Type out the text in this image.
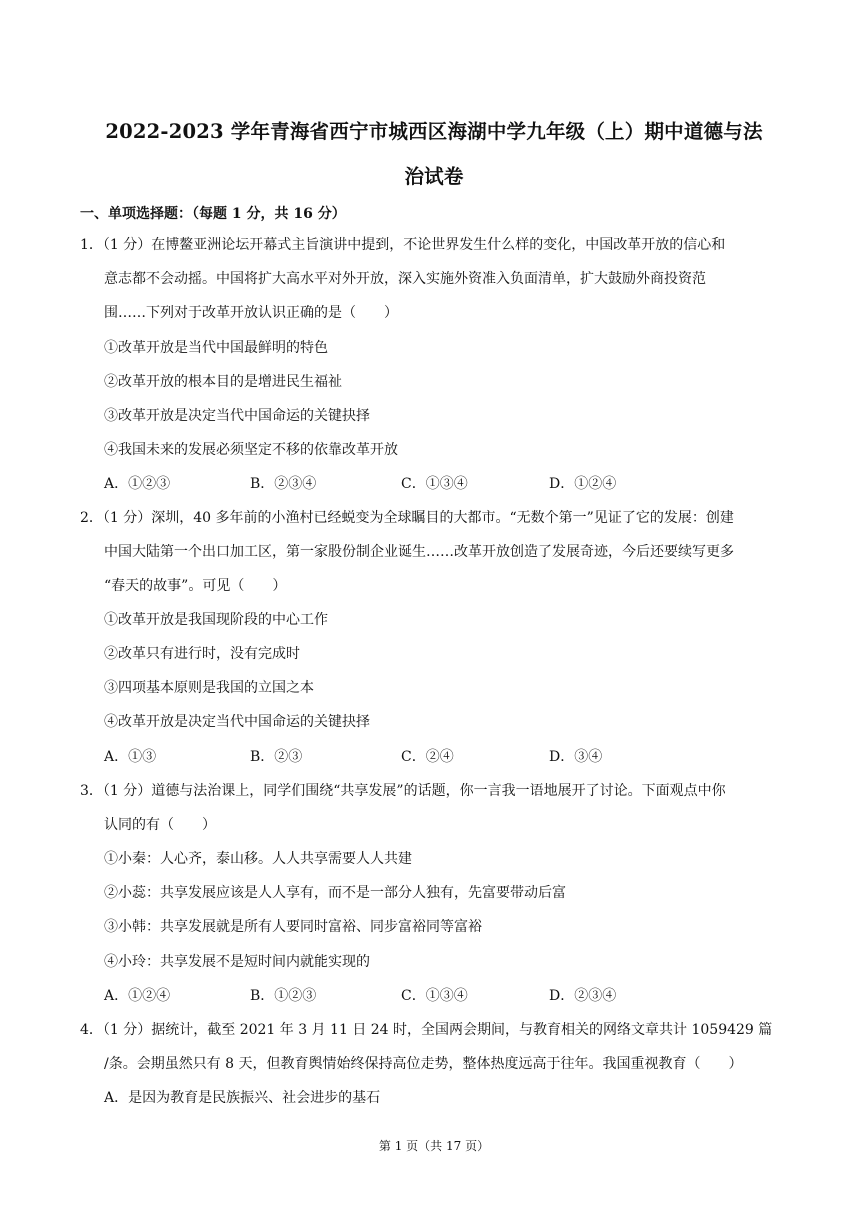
2022-2023 学年青海省西宁市城西区海湖中学九年级（上）期中道德与法
治试卷
一、单项选择题：（每题 1 分，共 16 分）
1．（1 分）在博鳌亚洲论坛开幕式主旨演讲中提到，不论世界发生什么样的变化，中国改革开放的信心和
意志都不会动摇。中国将扩大高水平对外开放，深入实施外资准入负面清单，扩大鼓励外商投资范
围……下列对于改革开放认识正确的是（　　）
①改革开放是当代中国最鲜明的特色
②改革开放的根本目的是增进民生福祉
③改革开放是决定当代中国命运的关键抉择
④我国未来的发展必须坚定不移的依靠改革开放
A．①②③	B．②③④	C．①③④	D．①②④
2．（1 分）深圳，40 多年前的小渔村已经蜕变为全球瞩目的大都市。“无数个第一”见证了它的发展：创建
中国大陆第一个出口加工区，第一家股份制企业诞生……改革开放创造了发展奇迹，今后还要续写更多
“春天的故事”。可见（　　）
①改革开放是我国现阶段的中心工作
②改革只有进行时，没有完成时
③四项基本原则是我国的立国之本
④改革开放是决定当代中国命运的关键抉择
A．①③	B．②③	C．②④	D．③④
3．（1 分）道德与法治课上，同学们围绕“共享发展”的话题，你一言我一语地展开了讨论。下面观点中你
认同的有（　　）
①小秦：人心齐，泰山移。人人共享需要人人共建
②小蕊：共享发展应该是人人享有，而不是一部分人独有，先富要带动后富
③小韩：共享发展就是所有人要同时富裕、同步富裕同等富裕
④小玲：共享发展不是短时间内就能实现的
A．①②④	B．①②③	C．①③④	D．②③④
4．（1 分）据统计，截至 2021 年 3 月 11 日 24 时，全国两会期间，与教育相关的网络文章共计 1059429 篇
/条。会期虽然只有 8 天，但教育舆情始终保持高位走势，整体热度远高于往年。我国重视教育（　　）
A．是因为教育是民族振兴、社会进步的基石
第 1 页（共 17 页）
